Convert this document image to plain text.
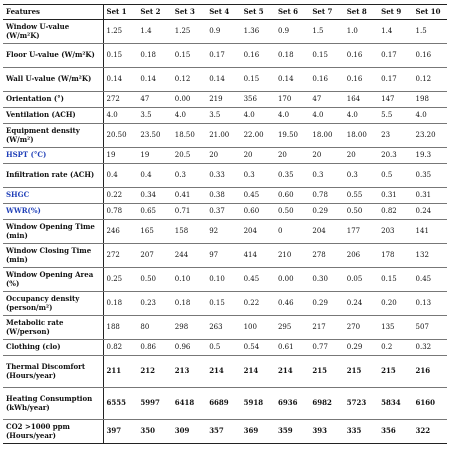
Features	Set 1	Set 2	Set 3	Set 4	Set 5	Set 6	Set 7	Set 8	Set 9	Set 10
Window U-value (W/m²K)	1.25	1.4	1.25	0.9	1.36	0.9	1.5	1.0	1.4	1.5
Floor U-value (W/m²K)	0.15	0.18	0.15	0.17	0.16	0.18	0.15	0.16	0.17	0.16
Wall U-value (W/m²K)	0.14	0.14	0.12	0.14	0.15	0.14	0.16	0.16	0.17	0.12
Orientation (°)	272	47	0.00	219	356	170	47	164	147	198
Ventilation (ACH)	4.0	3.5	4.0	3.5	4.0	4.0	4.0	4.0	5.5	4.0
Equipment density (W/m²)	20.50	23.50	18.50	21.00	22.00	19.50	18.00	18.00	23	23.20
HSPT (°C)	19	19	20.5	20	20	20	20	20	20.3	19.3
Infiltration rate (ACH)	0.4	0.4	0.3	0.33	0.3	0.35	0.3	0.3	0.5	0.35
SHGC	0.22	0.34	0.41	0.38	0.45	0.60	0.78	0.55	0.31	0.31
WWR(%)	0.78	0.65	0.71	0.37	0.60	0.50	0.29	0.50	0.82	0.24
Window Opening Time (min)	246	165	158	92	204	0	204	177	203	141
Window Closing Time (min)	272	207	244	97	414	210	278	206	178	132
Window Opening Area (%)	0.25	0.50	0.10	0.10	0.45	0.00	0.30	0.05	0.15	0.45
Occupancy density (person/m²)	0.18	0.23	0.18	0.15	0.22	0.46	0.29	0.24	0.20	0.13
Metabolic rate (W/person)	188	80	298	263	100	295	217	270	135	507
Clothing (clo)	0.82	0.86	0.96	0.5	0.54	0.61	0.77	0.29	0.2	0.32
Thermal Discomfort (Hours/year)	211	212	213	214	214	214	215	215	215	216
Heating Consumption (kWh/year)	6555	5997	6418	6689	5918	6936	6982	5723	5834	6160
CO2 >1000 ppm (Hours/year)	397	350	309	357	369	359	393	335	356	322
